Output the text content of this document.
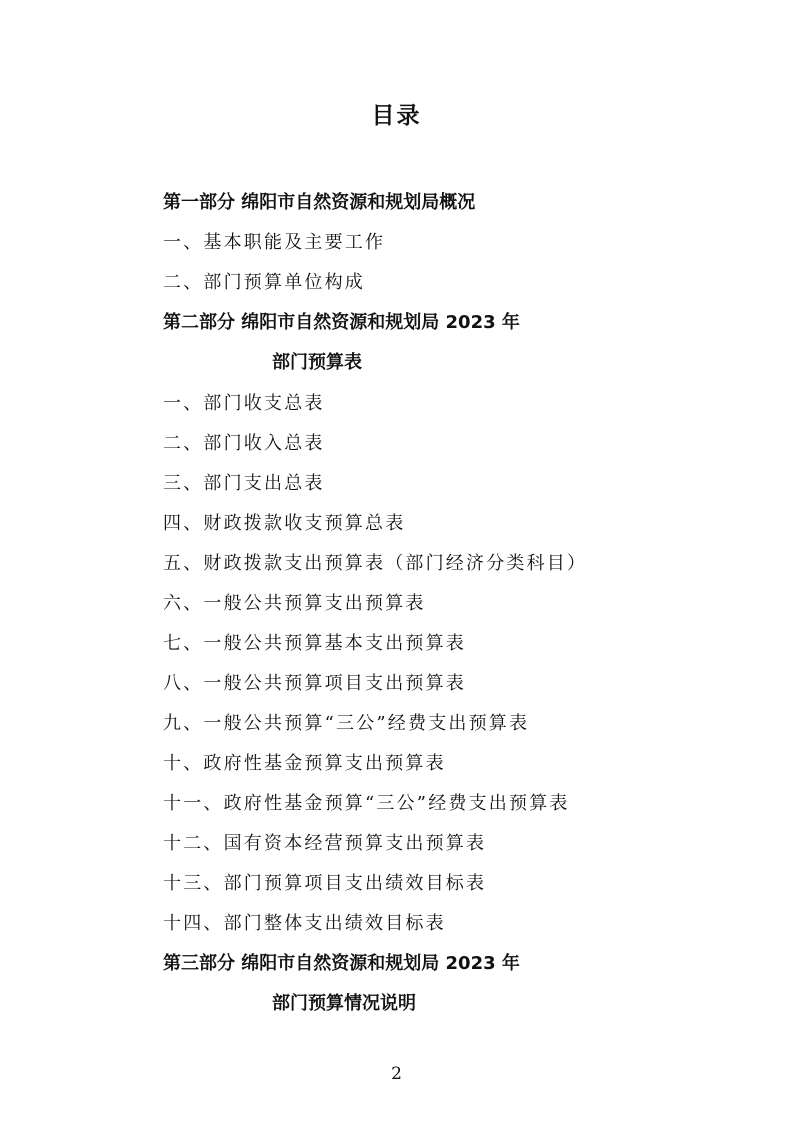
目录
第一部分 绵阳市自然资源和规划局概况
一、基本职能及主要工作
二、部门预算单位构成
第二部分 绵阳市自然资源和规划局 2023 年
部门预算表
一、部门收支总表
二、部门收入总表
三、部门支出总表
四、财政拨款收支预算总表
五、财政拨款支出预算表（部门经济分类科目）
六、一般公共预算支出预算表
七、一般公共预算基本支出预算表
八、一般公共预算项目支出预算表
九、一般公共预算“三公”经费支出预算表
十、政府性基金预算支出预算表
十一、政府性基金预算“三公”经费支出预算表
十二、国有资本经营预算支出预算表
十三、部门预算项目支出绩效目标表
十四、部门整体支出绩效目标表
第三部分 绵阳市自然资源和规划局 2023 年
部门预算情况说明
2
